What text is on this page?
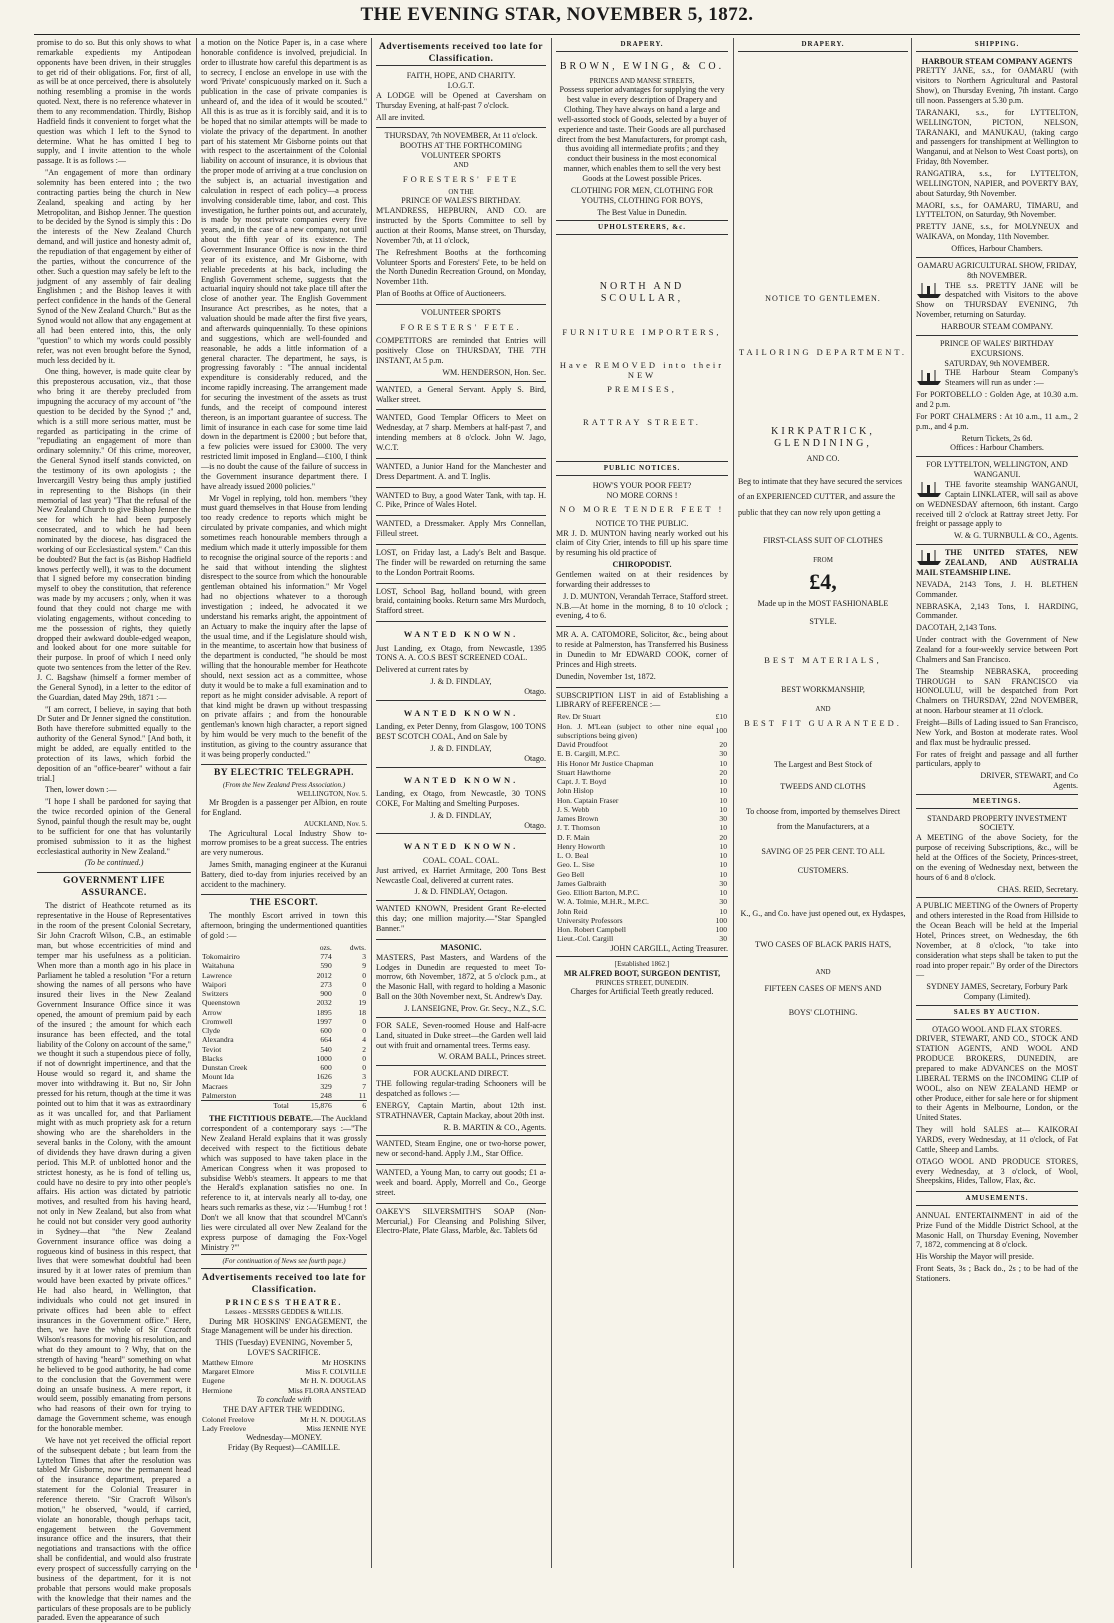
THE EVENING STAR, NOVEMBER 5, 1872.

promise to do so. But this only shows to what remarkable expedients my Antipodean opponents have been driven, in their struggles to get rid of their obligations. For, first of all, as will be at once perceived, there is absolutely nothing resembling a promise in the words quoted. Next, there is no reference whatever in them to any recommendation. Thirdly, Bishop Hadfield finds it convenient to forget what the question was which I left to the Synod to determine. What he has omitted I beg to supply, and I invite attention to the whole passage. It is as follows :—

"An engagement of more than ordinary solemnity has been entered into ; the two contracting parties being the church in New Zealand, speaking and acting by her Metropolitan, and Bishop Jenner. The question to be decided by the Synod is simply this : Do the interests of the New Zealand Church demand, and will justice and honesty admit of, the repudiation of that engagement by either of the parties, without the concurrence of the other. Such a question may safely be left to the judgment of any assembly of fair dealing Englishmen ; and the Bishop leaves it with perfect confidence in the hands of the General Synod of the New Zealand Church." But as the Synod would not allow that any engagement at all had been entered into, this, the only "question" to which my words could possibly refer, was not even brought before the Synod, much less decided by it.

One thing, however, is made quite clear by this preposterous accusation, viz., that those who bring it are thereby precluded from impugning the accuracy of my account of "the question to be decided by the Synod ;" and, which is a still more serious matter, must be regarded as participating in the crime of "repudiating an engagement of more than ordinary solemnity." Of this crime, moreover, the General Synod itself stands convicted, on the testimony of its own apologists ; the Invercargill Vestry being thus amply justified in representing to the Bishops (in their memorial of last year) "That the refusal of the New Zealand Church to give Bishop Jenner the see for which he had been purposely consecrated, and to which he had been nominated by the diocese, has disgraced the working of our Ecclesiastical system." Can this be doubted? But the fact is (as Bishop Hadfield knows perfectly well), it was to the document that I signed before my consecration binding myself to obey the constitution, that reference was made by my accusers ; only, when it was found that they could not charge me with violating engagements, without conceding to me the possession of rights, they quietly dropped their awkward double-edged weapon, and looked about for one more suitable for their purpose. In proof of which I need only quote two sentences from the letter of the Rev. J. C. Bagshaw (himself a former member of the General Synod), in a letter to the editor of the Guardian, dated May 29th, 1871 :—

"I am correct, I believe, in saying that both Dr Suter and Dr Jenner signed the constitution. Both have therefore submitted equally to the authority of the General Synod." [And both, it might be added, are equally entitled to the protection of its laws, which forbid the deposition of an "office-bearer" without a fair trial.]

Then, lower down :—

"I hope I shall be pardoned for saying that the twice recorded opinion of the General Synod, painful though the result may be, ought to be sufficient for one that has voluntarily promised submission to it as the highest ecclesiastical authority in New Zealand."

(To be continued.)
GOVERNMENT LIFE ASSURANCE.

The district of Heathcote returned as its representative in the House of Representatives in the room of the present Colonial Secretary, Sir John Cracroft Wilson, C.B., an estimable man, but whose eccentricities of mind and temper mar his usefulness as a politician. When more than a month ago in his place in Parliament he tabled a resolution "For a return showing the names of all persons who have insured their lives in the New Zealand Government Insurance Office since it was opened, the amount of premium paid by each of the insured ; the amount for which each insurance has been effected, and the total liability of the Colony on account of the same," we thought it such a stupendous piece of folly, if not of downright impertinence, and that the House would so regard it, and shame the mover into withdrawing it. But no, Sir John pressed for his return, though at the time it was pointed out to him that it was as extraordinary as it was uncalled for, and that Parliament might with as much propriety ask for a return showing who are the shareholders in the several banks in the Colony, with the amount of dividends they have drawn during a given period. This M.P. of unblotted honor and the strictest honesty, as he is fond of telling us, could have no desire to pry into other people's affairs. His action was dictated by patriotic motives, and resulted from his having heard, not only in New Zealand, but also from what he could not but consider very good authority in Sydney—that "the New Zealand Government insurance office was doing a rogueous kind of business in this respect, that lives that were somewhat doubtful had been insured by it at lower rates of premium than would have been exacted by private offices." He had also heard, in Wellington, that individuals who could not get insured in private offices had been able to effect insurances in the Government office." Here, then, we have the whole of Sir Cracroft Wilson's reasons for moving his resolution, and what do they amount to ? Why, that on the strength of having "heard" something on what he believed to be good authority, he had come to the conclusion that the Government were doing an unsafe business. A mere report, it would seem, possibly emanating from persons who had reasons of their own for trying to damage the Government scheme, was enough for the honorable member.

We have not yet received the official report of the subsequent debate ; but learn from the Lyttelton Times that after the resolution was tabled Mr Gisborne, now the permanent head of the insurance department, prepared a statement for the Colonial Treasurer in reference thereto. "Sir Cracroft Wilson's motion," he observed, "would, if carried, violate an honorable, though perhaps tacit, engagement between the Government insurance office and the insurers, that their negotiations and transactions with the office shall be confidential, and would also frustrate every prospect of successfully carrying on the business of the department, for it is not probable that persons would make proposals with the knowledge that their names and the particulars of these proposals are to be publicly paraded. Even the appearance of such

a motion on the Notice Paper is, in a case where honorable confidence is involved, prejudicial. In order to illustrate how careful this department is as to secrecy, I enclose an envelope in use with the word 'Private' conspicuously marked on it. Such a publication in the case of private companies is unheard of, and the idea of it would be scouted." All this is as true as it is forcibly said, and it is to be hoped that no similar attempts will be made to violate the privacy of the department. In another part of his statement Mr Gisborne points out that with respect to the ascertainment of the Colonial liability on account of insurance, it is obvious that the proper mode of arriving at a true conclusion on the subject is, an actuarial investigation and calculation in respect of each policy—a process involving considerable time, labor, and cost. This investigation, he further points out, and accurately, is made by most private companies every five years, and, in the case of a new company, not until about the fifth year of its existence. The Government Insurance Office is now in the third year of its existence, and Mr Gisborne, with reliable precedents at his back, including the English Government scheme, suggests that the actuarial inquiry should not take place till after the close of another year. The English Government Insurance Act prescribes, as he notes, that a valuation should be made after the first five years, and afterwards quinquennially. To these opinions and suggestions, which are well-founded and reasonable, he adds a little information of a general character. The department, he says, is progressing favorably : "The annual incidental expenditure is considerably reduced, and the income rapidly increasing. The arrangement made for securing the investment of the assets as trust funds, and the receipt of compound interest thereon, is an important guarantee of success. The limit of insurance in each case for some time laid down in the department is £2000 ; but before that, a few policies were issued for £3000. The very restricted limit imposed in England—£100, I think—is no doubt the cause of the failure of success in the Government insurance department there. I have already issued 2000 policies."

Mr Vogel in replying, told hon. members "they must guard themselves in that House from lending too ready credence to reports which might be circulated by private companies, and which might sometimes reach honourable members through a medium which made it utterly impossible for them to recognise the original source of the reports : and he said that without intending the slightest disrespect to the source from which the honourable gentleman obtained his information." Mr Vogel had no objections whatever to a thorough investigation ; indeed, he advocated it we understand his remarks aright, the appointment of an Actuary to make the inquiry after the lapse of the usual time, and if the Legislature should wish, in the meantime, to ascertain how that business of the department is conducted, "he should be most willing that the honourable member for Heathcote should, next session act as a committee, whose duty it would be to make a full examination and to report as he might consider advisable. A report of that kind might be drawn up without trespassing on private affairs ; and from the honourable gentleman's known high character, a report signed by him would be very much to the benefit of the institution, as giving to the country assurance that it was being properly conducted."

BY ELECTRIC TELEGRAPH.
(From the New Zealand Press Association.)
WELLINGTON, Nov. 5.

Mr Brogden is a passenger per Albion, en route for England.

AUCKLAND, Nov. 5.

The Agricultural Local Industry Show to-morrow promises to be a great success. The entries are very numerous.

James Smith, managing engineer at the Kuranui Battery, died to-day from injuries received by an accident to the machinery.

THE ESCORT.

The monthly Escort arrived in town this afternoon, bringing the undermentioned quantities of gold :—

	ozs.	dwts.
Tokomairiro	774	3
Waitahuna	590	9
Lawrence	2012	0
Waipori	273	0
Switzers	900	0
Queenstown	2032	19
Arrow	1895	18
Cromwell	1997	0
Clyde	600	0
Alexandra	664	4
Teviot	540	2
Blacks	1000	0
Dunstan Creek	600	0
Mount Ida	1626	3
Macraes	329	7
Palmerston	248	11
Total	15,876	6

THE FICTITIOUS DEBATE.—The Auckland correspondent of a contemporary says :—"The New Zealand Herald explains that it was grossly deceived with respect to the fictitious debate which was supposed to have taken place in the American Congress when it was proposed to subsidise Webb's steamers. It appears to me that the Herald's explanation satisfies no one. In reference to it, at intervals nearly all to-day, one hears such remarks as these, viz :—'Humbug ! rot ! Don't we all know that that scoundrel M'Cann's lies were circulated all over New Zealand for the express purpose of damaging the Fox-Vogel Ministry ?'"

(For continuation of News see fourth page.)
Advertisements received too late for Classification.
PRINCESS THEATRE.
Lessees - MESSRS GEDDES & WILLIS.

During MR HOSKINS' ENGAGEMENT, the Stage Management will be under his direction.

THIS (Tuesday) EVENING, November 5, LOVE'S SACRIFICE.
Matthew Elmore	Mr HOSKINS
Margaret Elmore	Miss F. COLVILLE
Eugene	Mr H. N. DOUGLAS
Hermione	Miss FLORA ANSTEAD
To conclude with
THE DAY AFTER THE WEDDING.
Colonel Freelove	Mr H. N. DOUGLAS
Lady Freelove	Miss JENNIE NYE
Wednesday—MONEY.
Friday (By Request)—CAMILLE.
Advertisements received too late for Classification.
FAITH, HOPE, AND CHARITY.
I.O.G.T.

A LODGE will be Opened at Caversham on Thursday Evening, at half-past 7 o'clock.

All are invited.

THURSDAY, 7th NOVEMBER, At 11 o'clock.
BOOTHS AT THE FORTHCOMING VOLUNTEER SPORTS
AND
FORESTERS' FETE
ON THE
PRINCE OF WALES'S BIRTHDAY.

M'LANDRESS, HEPBURN, AND CO. are instructed by the Sports Committee to sell by auction at their Rooms, Manse street, on Thursday, November 7th, at 11 o'clock,

The Refreshment Booths at the forthcoming Volunteer Sports and Foresters' Fete, to be held on the North Dunedin Recreation Ground, on Monday, November 11th.

Plan of Booths at Office of Auctioneers.

VOLUNTEER SPORTS
FORESTERS' FETE.

COMPETITORS are reminded that Entries will positively Close on THURSDAY, THE 7TH INSTANT, At 5 p.m.

WM. HENDERSON, Hon. Sec.

WANTED, a General Servant. Apply S. Bird, Walker street.

WANTED, Good Templar Officers to Meet on Wednesday, at 7 sharp. Members at half-past 7, and intending members at 8 o'clock. John W. Jago, W.C.T.

WANTED, a Junior Hand for the Manchester and Dress Department. A. and T. Inglis.

WANTED to Buy, a good Water Tank, with tap. H. C. Pike, Prince of Wales Hotel.

WANTED, a Dressmaker. Apply Mrs Connellan, Filleul street.

LOST, on Friday last, a Lady's Belt and Basque. The finder will be rewarded on returning the same to the London Portrait Rooms.

LOST, School Bag, holland bound, with green braid, containing books. Return same Mrs Murdoch, Stafford street.

WANTED KNOWN.

Just Landing, ex Otago, from Newcastle, 1395 TONS A. A. CO.S BEST SCREENED COAL.

Delivered at current rates by

J. & D. FINDLAY,
Otago.
WANTED KNOWN.

Landing, ex Peter Denny, from Glasgow, 100 TONS BEST SCOTCH COAL, And on Sale by

J. & D. FINDLAY,
Otago.
WANTED KNOWN.

Landing, ex Otago, from Newcastle, 30 TONS COKE, For Malting and Smelting Purposes.

J. & D. FINDLAY,
Otago.
WANTED KNOWN.
COAL. COAL. COAL.

Just arrived, ex Harriet Armitage, 200 Tons Best Newcastle Coal, delivered at current rates.

J. & D. FINDLAY, Octagon.

WANTED KNOWN, President Grant Re-elected this day; one million majority.—"Star Spangled Banner."

MASONIC.

MASTERS, Past Masters, and Wardens of the Lodges in Dunedin are requested to meet To-morrow, 6th November, 1872, at 5 o'clock p.m., at the Masonic Hall, with regard to holding a Masonic Ball on the 30th November next, St. Andrew's Day.

J. LANSEIGNE, Prov. Gr. Secy., N.Z., S.C.

FOR SALE, Seven-roomed House and Half-acre Land, situated in Duke street—the Garden well laid out with fruit and ornamental trees. Terms easy.

W. ORAM BALL, Princes street.
FOR AUCKLAND DIRECT.

THE following regular-trading Schooners will be despatched as follows :—

ENERGY, Captain Martin, about 12th inst. STRATHNAVER, Captain Mackay, about 20th inst.

R. B. MARTIN & CO., Agents.

WANTED, Steam Engine, one or two-horse power, new or second-hand. Apply J.M., Star Office.

WANTED, a Young Man, to carry out goods; £1 a-week and board. Apply, Morrell and Co., George street.

OAKEY'S SILVERSMITH'S SOAP (Non-Mercurial,) For Cleansing and Polishing Silver, Electro-Plate, Plate Glass, Marble, &c. Tablets 6d

DRAPERY.
BROWN, EWING, & CO.
PRINCES AND MANSE STREETS,

Possess superior advantages for supplying the very best value in every description of Drapery and Clothing. They have always on hand a large and well-assorted stock of Goods, selected by a buyer of experience and taste. Their Goods are all purchased direct from the best Manufacturers, for prompt cash, thus avoiding all intermediate profits ; and they conduct their business in the most economical manner, which enables them to sell the very best Goods at the Lowest possible Prices.

CLOTHING FOR MEN, CLOTHING FOR YOUTHS, CLOTHING FOR BOYS,

The Best Value in Dunedin.
UPHOLSTERERS, &c.
NORTH AND SCOULLAR,
FURNITURE IMPORTERS,
Have REMOVED into their NEW
PREMISES,
RATTRAY STREET.
PUBLIC NOTICES.
HOW'S YOUR POOR FEET?
NO MORE CORNS !
NO MORE TENDER FEET !
NOTICE TO THE PUBLIC.

MR J. D. MUNTON having nearly worked out his claim of City Crier, intends to fill up his spare time by resuming his old practice of

CHIROPODIST.

Gentlemen waited on at their residences by forwarding their addresses to

J. D. MUNTON, Verandah Terrace, Stafford street.

N.B.—At home in the morning, 8 to 10 o'clock ; evening, 4 to 6.

MR A. A. CATOMORE, Solicitor, &c., being about to reside at Palmerston, has Transferred his Business in Dunedin to Mr EDWARD COOK, corner of Princes and High streets.

Dunedin, November 1st, 1872.

SUBSCRIPTION LIST in aid of Establishing a LIBRARY of REFERENCE :—

Rev. Dr Stuart	£10
Hon. J. M'Lean (subject to other nine equal subscriptions being given)	100
David Proudfoot	20
E. B. Cargill, M.P.C.	30
His Honor Mr Justice Chapman	10
Stuart Hawthorne	20
Capt. J. T. Boyd	10
John Hislop	10
Hon. Captain Fraser	10
J. S. Webb	10
James Brown	30
J. T. Thomson	10
D. F. Main	20
Henry Howorth	10
L. O. Beal	10
Geo. L. Sise	10
Geo Bell	10
James Galbraith	30
Geo. Elliott Barton, M.P.C.	10
W. A. Tolmie, M.H.R., M.P.C.	30
John Reid	10
University Professors	100
Hon. Robert Campbell	100
Lieut.-Col. Cargill	30
JOHN CARGILL, Acting Treasurer.
[Established 1862.]
MR ALFRED BOOT, SURGEON DENTIST,
PRINCES STREET, DUNEDIN.
Charges for Artificial Teeth greatly reduced.
DRAPERY.
NOTICE TO GENTLEMEN.
TAILORING DEPARTMENT.
KIRKPATRICK, GLENDINING,
AND CO.

Beg to intimate that they have secured the services of an EXPERIENCED CUTTER, and assure the public that they can now rely upon getting a

FIRST-CLASS SUIT OF CLOTHES
FROM
£4,
Made up in the MOST FASHIONABLE
STYLE.
BEST MATERIALS,
BEST WORKMANSHIP,
AND
BEST FIT GUARANTEED.
The Largest and Best Stock of
TWEEDS AND CLOTHS

To choose from, imported by themselves Direct from the Manufacturers, at a

SAVING OF 25 PER CENT. TO ALL
CUSTOMERS.

K., G., and Co. have just opened out, ex Hydaspes,

TWO CASES OF BLACK PARIS HATS,
AND
FIFTEEN CASES OF MEN'S AND
BOYS' CLOTHING.
SHIPPING.
HARBOUR STEAM COMPANY AGENTS

PRETTY JANE, s.s., for OAMARU (with visitors to Northern Agricultural and Pastoral Show), on Thursday Evening, 7th instant. Cargo till noon. Passengers at 5.30 p.m.

TARANAKI, s.s., for LYTTELTON, WELLINGTON, PICTON, NELSON, TARANAKI, and MANUKAU, (taking cargo and passengers for transhipment at Wellington to Wanganui, and at Nelson to West Coast ports), on Friday, 8th November.

RANGATIRA, s.s., for LYTTELTON, WELLINGTON, NAPIER, and POVERTY BAY, about Saturday, 9th November.

MAORI, s.s., for OAMARU, TIMARU, and LYTTELTON, on Saturday, 9th November.

PRETTY JANE, s.s., for MOLYNEUX and WAIKAVA, on Monday, 11th November.

Offices, Harbour Chambers.
OAMARU AGRICULTURAL SHOW, FRIDAY, 8th NOVEMBER.

THE s.s. PRETTY JANE will be despatched with Visitors to the above Show on THURSDAY EVENING, 7th November, returning on Saturday.

HARBOUR STEAM COMPANY.
PRINCE OF WALES' BIRTHDAY EXCURSIONS.
SATURDAY, 9th NOVEMBER.

THE Harbour Steam Company's Steamers will run as under :—

For PORTOBELLO : Golden Age, at 10.30 a.m. and 2 p.m.

For PORT CHALMERS : At 10 a.m., 11 a.m., 2 p.m., and 4 p.m.

Return Tickets, 2s 6d.
Offices : Harbour Chambers.
FOR LYTTELTON, WELLINGTON, AND WANGANUI.

THE favorite steamship WANGANUI, Captain LINKLATER, will sail as above on WEDNESDAY afternoon, 6th instant. Cargo received till 2 o'clock at Rattray street Jetty. For freight or passage apply to

W. & G. TURNBULL & CO., Agents.

THE UNITED STATES, NEW ZEALAND, AND AUSTRALIA MAIL STEAMSHIP LINE.

NEVADA, 2143 Tons, J. H. BLETHEN Commander.

NEBRASKA, 2,143 Tons, I. HARDING, Commander.

DACOTAH, 2,143 Tons.

Under contract with the Government of New Zealand for a four-weekly service between Port Chalmers and San Francisco.

The Steamship NEBRASKA, proceeding THROUGH to SAN FRANCISCO via HONOLULU, will be despatched from Port Chalmers on THURSDAY, 22nd NOVEMBER, at noon. Harbour steamer at 11 o'clock.

Freight—Bills of Lading issued to San Francisco, New York, and Boston at moderate rates. Wool and flax must be hydraulic pressed.

For rates of freight and passage and all further particulars, apply to

DRIVER, STEWART, and Co
Agents.
MEETINGS.
STANDARD PROPERTY INVESTMENT SOCIETY.

A MEETING of the above Society, for the purpose of receiving Subscriptions, &c., will be held at the Offices of the Society, Princes-street, on the evening of Wednesday next, between the hours of 6 and 8 o'clock.

CHAS. REID, Secretary.

A PUBLIC MEETING of the Owners of Property and others interested in the Road from Hillside to the Ocean Beach will be held at the Imperial Hotel, Princes street, on Wednesday, the 6th November, at 8 o'clock, "to take into consideration what steps shall be taken to put the road into proper repair." By order of the Directors—

SYDNEY JAMES, Secretary, Forbury Park Company (Limited).
SALES BY AUCTION.
OTAGO WOOL AND FLAX STORES.

DRIVER, STEWART, AND CO., STOCK AND STATION AGENTS, AND WOOL AND PRODUCE BROKERS, DUNEDIN, are prepared to make ADVANCES on the MOST LIBERAL TERMS on the INCOMING CLIP of WOOL, also on NEW ZEALAND HEMP or other Produce, either for sale here or for shipment to their Agents in Melbourne, London, or the United States.

They will hold SALES at— KAIKORAI YARDS, every Wednesday, at 11 o'clock, of Fat Cattle, Sheep and Lambs.

OTAGO WOOL AND PRODUCE STORES, every Wednesday, at 3 o'clock, of Wool, Sheepskins, Hides, Tallow, Flax, &c.

AMUSEMENTS.

ANNUAL ENTERTAINMENT in aid of the Prize Fund of the Middle District School, at the Masonic Hall, on Thursday Evening, November 7, 1872, commencing at 8 o'clock.

His Worship the Mayor will preside.

Front Seats, 3s ; Back do., 2s ; to be had of the Stationers.
